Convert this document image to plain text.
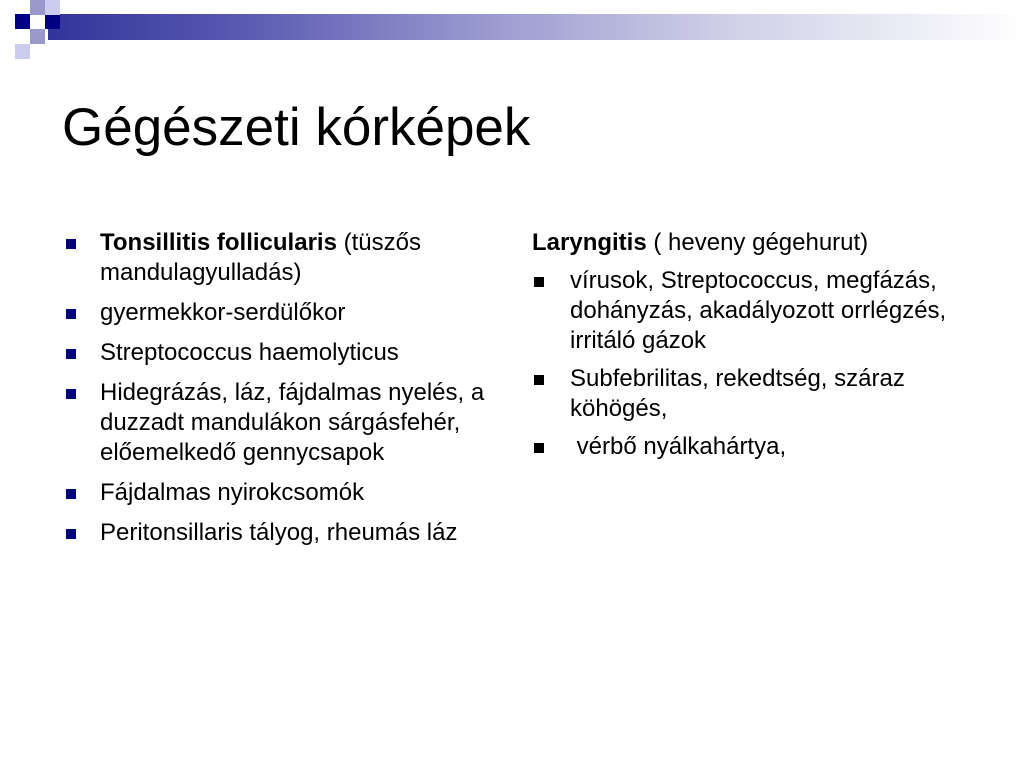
Gégészeti kórképek
Tonsillitis follicularis (tüszős mandulagyulladás)
gyermekkor-serdülőkor
Streptococcus haemolyticus
Hidegrázás, láz, fájdalmas nyelés, a duzzadt mandulákon sárgásfehér, előemelkedő gennycsapok
Fájdalmas nyirokcsomók
Peritonsillaris tályog, rheumás láz

Laryngitis ( heveny gégehurut)

vírusok, Streptococcus, megfázás, dohányzás, akadályozott orrlégzés, irritáló gázok
Subfebrilitas, rekedtség, száraz köhögés,
vérbő nyálkahártya,
